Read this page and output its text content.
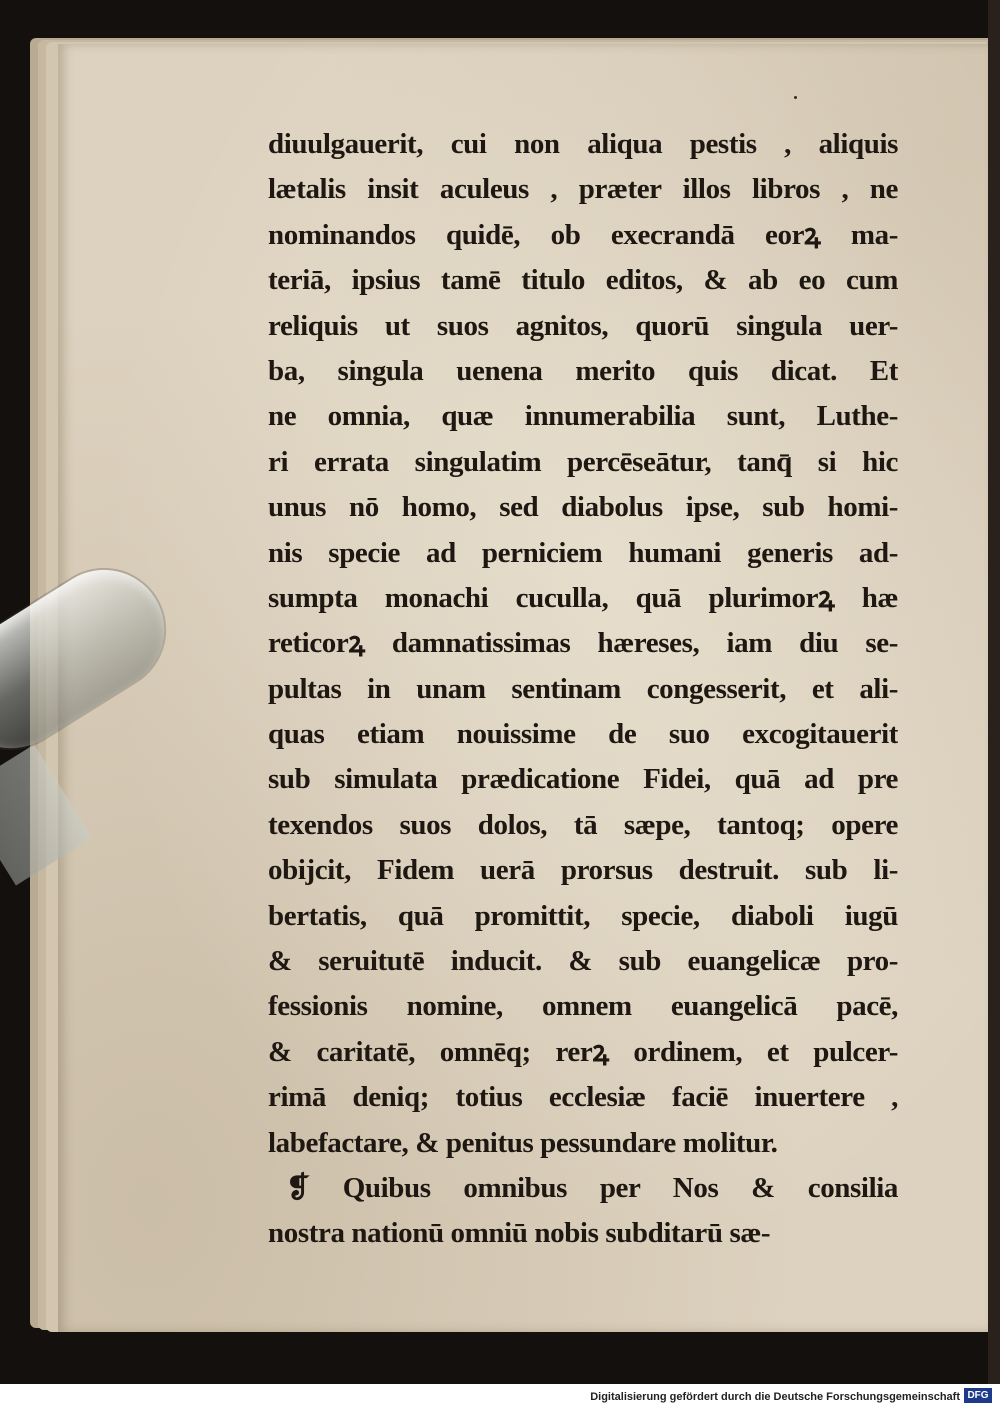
diuulgauerit, cui non aliqua pestis , aliquis
lætalis insit aculeus , præter illos libros , ne
nominandos quidē, ob execrandā eorꝝ ma-
teriā, ipsius tamē titulo editos, & ab eo cum
reliquis ut suos agnitos, quorū singula uer-
ba, singula uenena merito quis dicat. Et
ne omnia, quæ innumerabilia sunt, Luthe-
ri errata singulatim percēseātur, tanq̄ si hic
unus nō homo, sed diabolus ipse, sub homi-
nis specie ad perniciem humani generis ad-
sumpta monachi cuculla, quā plurimorꝝ hæ
reticorꝝ damnatissimas hæreses, iam diu se-
pultas in unam sentinam congesserit, et ali-
quas etiam nouissime de suo excogitauerit
sub simulata prædicatione Fidei, quā ad pre
texendos suos dolos, tā sæpe, tantoq; opere
obijcit, Fidem uerā prorsus destruit. sub li-
bertatis, quā promittit, specie, diaboli iugū
& seruitutē inducit. & sub euangelicæ pro-
fessionis nomine, omnem euangelicā pacē,
& caritatē, omnēq; rerꝝ ordinem, et pulcer-
rimā deniq; totius ecclesiæ faciē inuertere ,
labefactare, & penitus pessundare molitur.
❡ Quibus omnibus per Nos & consilia
nostra nationū omniū nobis subditarū sæ-
Digitalisierung gefördert durch die Deutsche Forschungsgemeinschaft DFG
